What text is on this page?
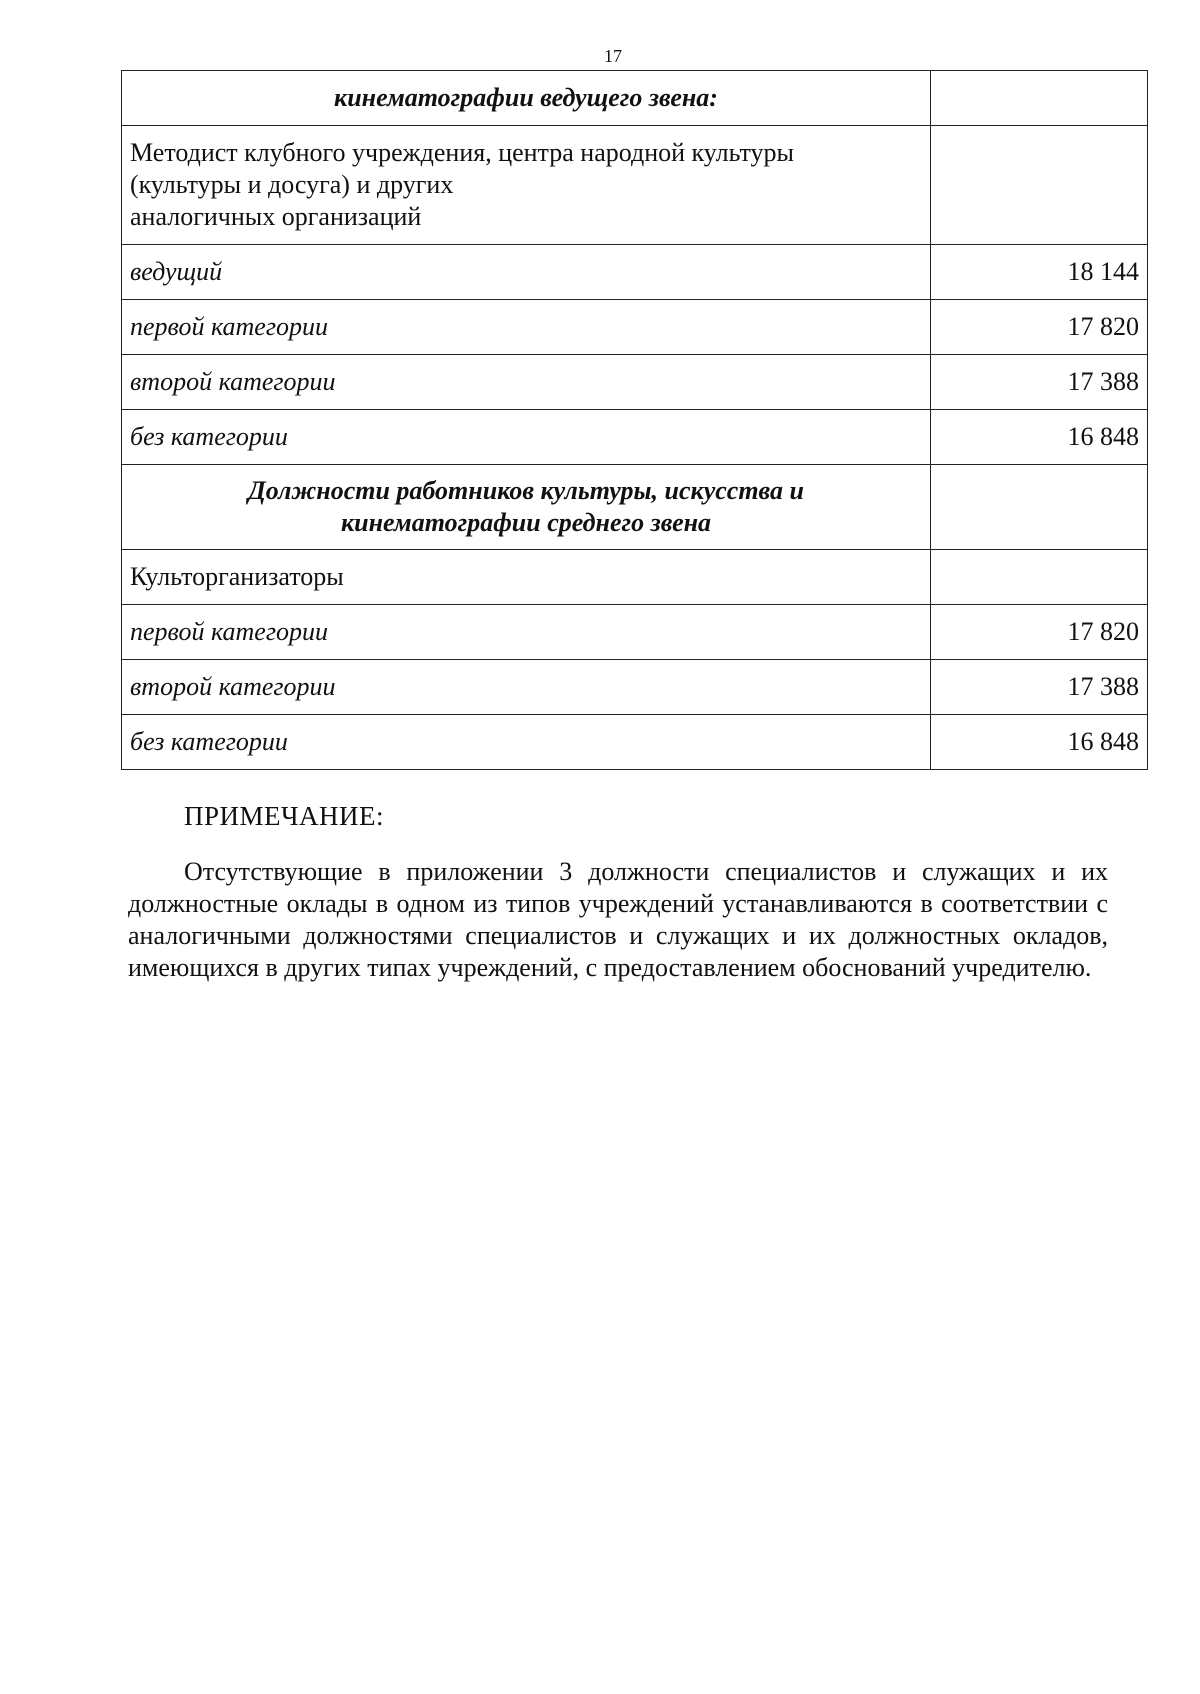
17
кинематографии ведущего звена:	

Методист клубного учреждения, центра народной культуры
(культуры и досуга) и других
аналогичных организаций	

ведущий	18 144
первой категории	17 820
второй категории	17 388
без категории	16 848

Должности работников культуры, искусства и
кинематографии среднего звена	

Культорганизаторы	
первой категории	17 820
второй категории	17 388
без категории	16 848
ПРИМЕЧАНИЕ:

Отсутствующие в приложении 3 должности специалистов и служащих и их должностные оклады в одном из типов учреждений устанавливаются в соответствии с аналогичными должностями специалистов и служащих и их должностных окладов, имеющихся в других типах учреждений, с предоставлением обоснований учредителю.
